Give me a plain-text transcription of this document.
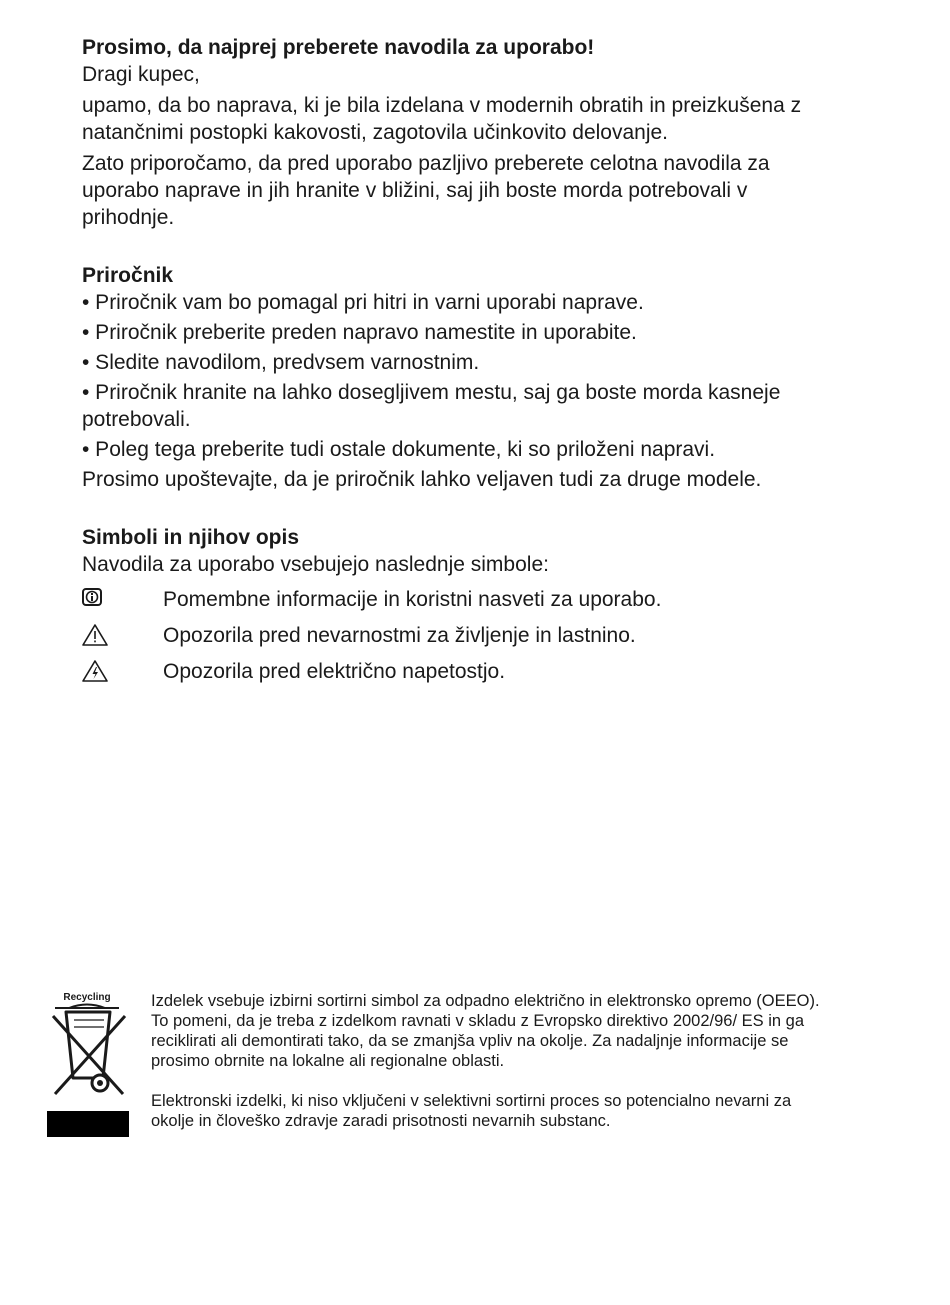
Prosimo, da najprej preberete navodila za uporabo!

Dragi kupec,

upamo, da bo naprava, ki je bila izdelana v modernih obratih in preizkušena z natančnimi postopki kakovosti, zagotovila učinkovito delovanje.

Zato priporočamo, da pred uporabo pazljivo preberete celotna navodila za uporabo naprave in jih hranite v bližini, saj jih boste morda potrebovali v prihodnje.

Priročnik

• Priročnik vam bo pomagal pri hitri in varni uporabi naprave.

• Priročnik preberite preden napravo namestite in uporabite.

• Sledite navodilom, predvsem varnostnim.

• Priročnik hranite na lahko dosegljivem mestu, saj ga boste morda kasneje potrebovali.

• Poleg tega preberite tudi ostale dokumente, ki so priloženi napravi.

Prosimo upoštevajte, da je priročnik lahko veljaven tudi za druge modele.

Simboli in njihov opis

Navodila za uporabo vsebujejo naslednje simbole:

Pomembne informacije in koristni nasveti za uporabo.
Opozorila pred nevarnostmi za življenje in lastnino.
Opozorila pred električno napetostjo.
Recycling Izdelek vsebuje izbirni sortirni simbol za odpadno električno in elektronsko opremo (OEEO).

To pomeni, da je treba z izdelkom ravnati v skladu z Evropsko direktivo 2002/96/ ES in ga reciklirati ali demontirati tako, da se zmanjša vpliv na okolje. Za nadaljnje informacije se prosimo obrnite na lokalne ali regionalne oblasti.

Elektronski izdelki, ki niso vključeni v selektivni sortirni proces so potencialno nevarni za okolje in človeško zdravje zaradi prisotnosti nevarnih substanc.
